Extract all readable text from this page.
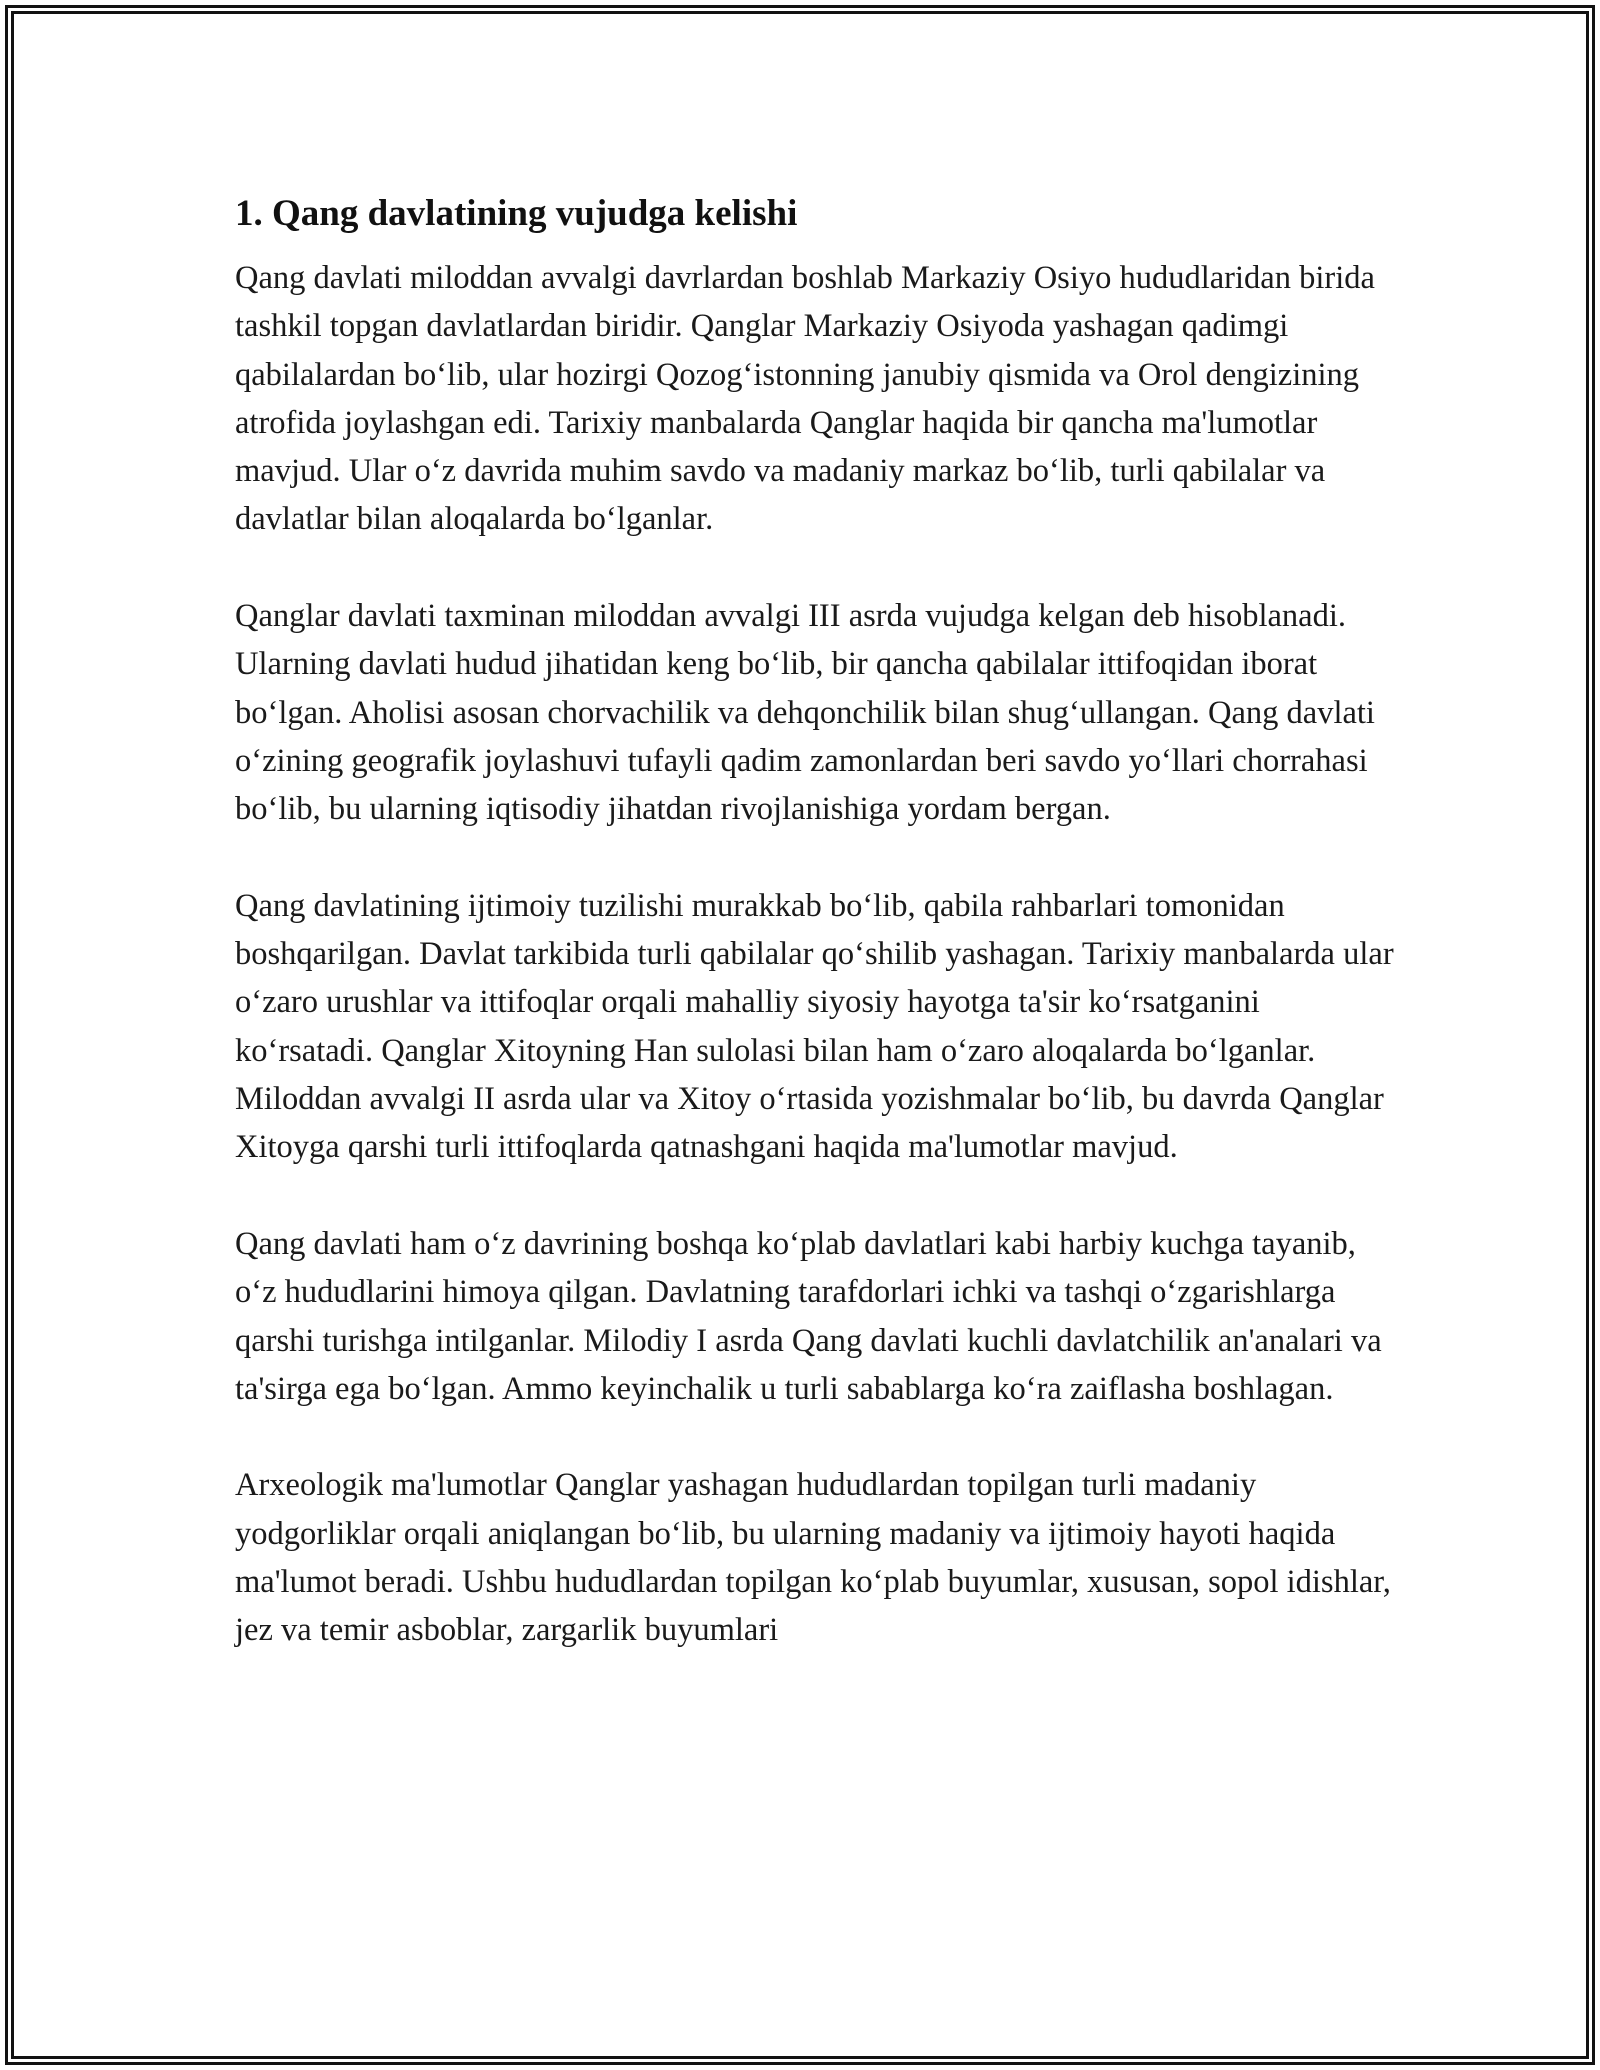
1. Qang davlatining vujudga kelishi

Qang davlati miloddan avvalgi davrlardan boshlab Markaziy Osiyo hududlaridan birida tashkil topgan davlatlardan biridir. Qanglar Markaziy Osiyoda yashagan qadimgi qabilalardan bo‘lib, ular hozirgi Qozog‘istonning janubiy qismida va Orol dengizining atrofida joylashgan edi. Tarixiy manbalarda Qanglar haqida bir qancha ma'lumotlar mavjud. Ular o‘z davrida muhim savdo va madaniy markaz bo‘lib, turli qabilalar va davlatlar bilan aloqalarda bo‘lganlar.

Qanglar davlati taxminan miloddan avvalgi III asrda vujudga kelgan deb hisoblanadi. Ularning davlati hudud jihatidan keng bo‘lib, bir qancha qabilalar ittifoqidan iborat bo‘lgan. Aholisi asosan chorvachilik va dehqonchilik bilan shug‘ullangan. Qang davlati o‘zining geografik joylashuvi tufayli qadim zamonlardan beri savdo yo‘llari chorrahasi bo‘lib, bu ularning iqtisodiy jihatdan rivojlanishiga yordam bergan.

Qang davlatining ijtimoiy tuzilishi murakkab bo‘lib, qabila rahbarlari tomonidan boshqarilgan. Davlat tarkibida turli qabilalar qo‘shilib yashagan. Tarixiy manbalarda ular o‘zaro urushlar va ittifoqlar orqali mahalliy siyosiy hayotga ta'sir ko‘rsatganini ko‘rsatadi. Qanglar Xitoyning Han sulolasi bilan ham o‘zaro aloqalarda bo‘lganlar. Miloddan avvalgi II asrda ular va Xitoy o‘rtasida yozishmalar bo‘lib, bu davrda Qanglar Xitoyga qarshi turli ittifoqlarda qatnashgani haqida ma'lumotlar mavjud.

Qang davlati ham o‘z davrining boshqa ko‘plab davlatlari kabi harbiy kuchga tayanib, o‘z hududlarini himoya qilgan. Davlatning tarafdorlari ichki va tashqi o‘zgarishlarga qarshi turishga intilganlar. Milodiy I asrda Qang davlati kuchli davlatchilik an'analari va ta'sirga ega bo‘lgan. Ammo keyinchalik u turli sabablarga ko‘ra zaiflasha boshlagan.

Arxeologik ma'lumotlar Qanglar yashagan hududlardan topilgan turli madaniy yodgorliklar orqali aniqlangan bo‘lib, bu ularning madaniy va ijtimoiy hayoti haqida ma'lumot beradi. Ushbu hududlardan topilgan ko‘plab buyumlar, xususan, sopol idishlar, jez va temir asboblar, zargarlik buyumlari
